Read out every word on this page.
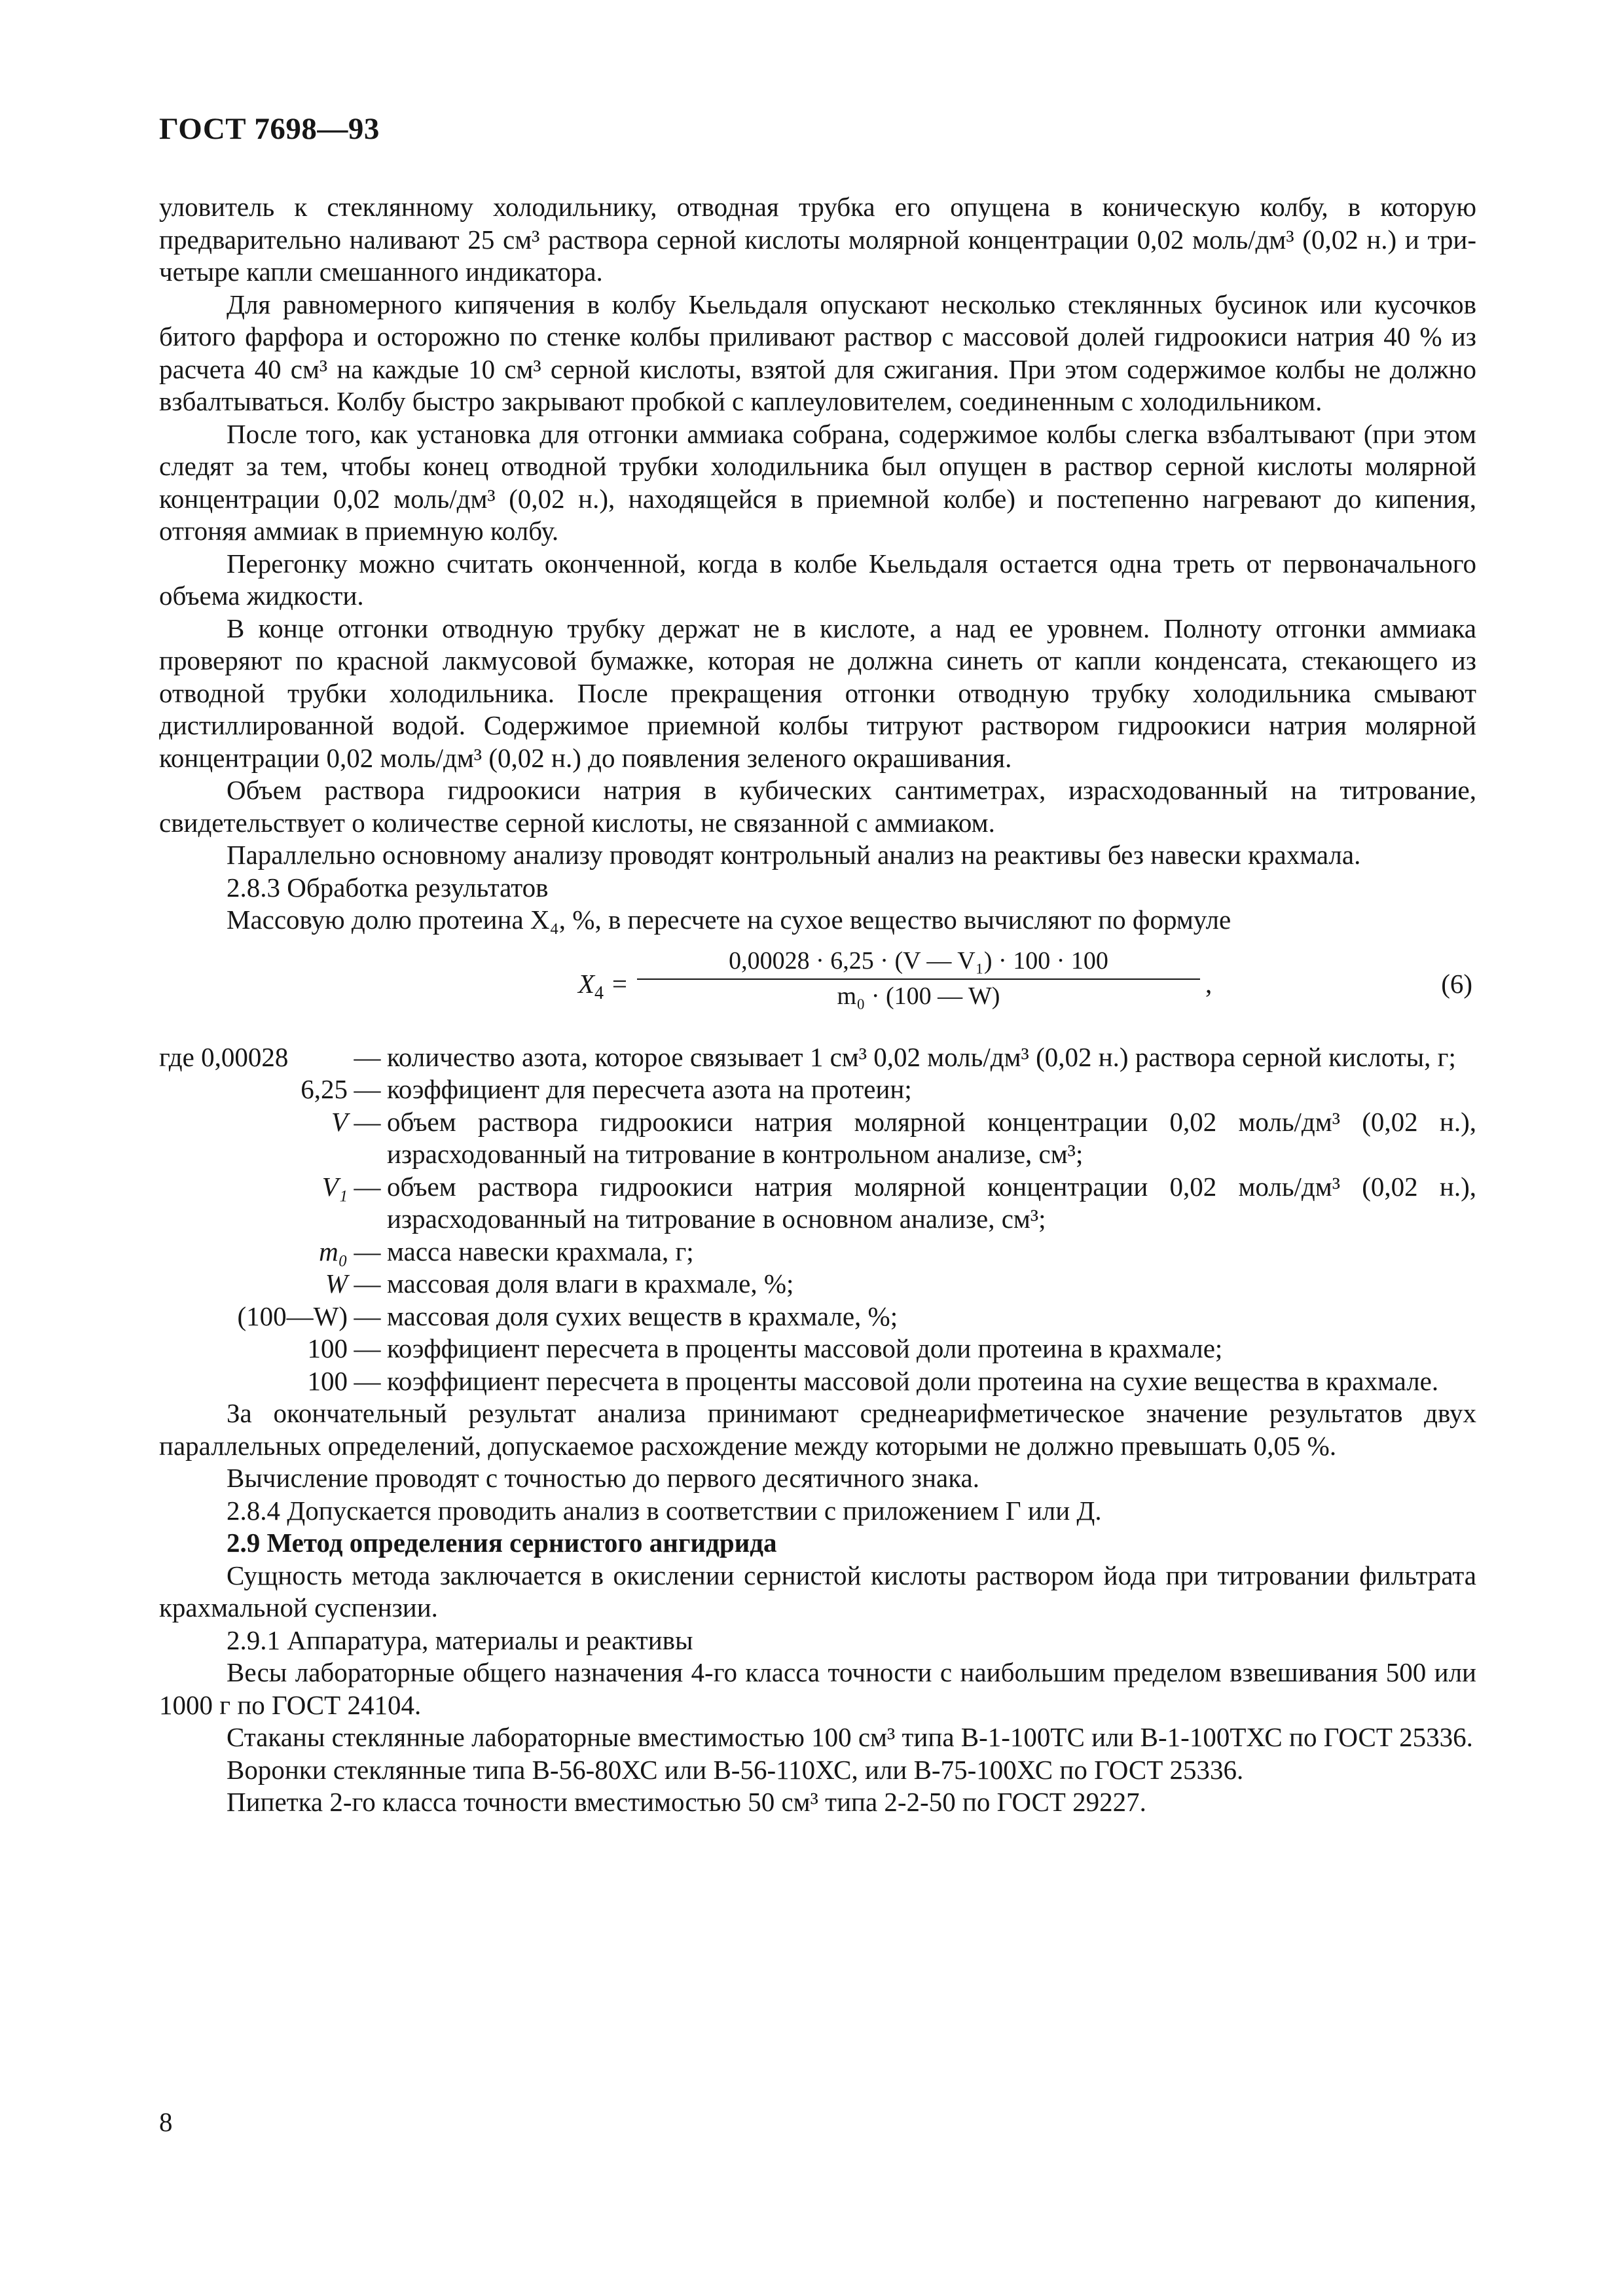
ГОСТ 7698—93

уловитель к стеклянному холодильнику, отводная трубка его опущена в коническую колбу, в которую предварительно наливают 25 см³ раствора серной кислоты молярной концентрации 0,02 моль/дм³ (0,02 н.) и три-четыре капли смешанного индикатора.

Для равномерного кипячения в колбу Кьельдаля опускают несколько стеклянных бусинок или кусочков битого фарфора и осторожно по стенке колбы приливают раствор с массовой долей гидроокиси натрия 40 % из расчета 40 см³ на каждые 10 см³ серной кислоты, взятой для сжигания. При этом содержимое колбы не должно взбалтываться. Колбу быстро закрывают пробкой с каплеуловителем, соединенным с холодильником.

После того, как установка для отгонки аммиака собрана, содержимое колбы слегка взбалтывают (при этом следят за тем, чтобы конец отводной трубки холодильника был опущен в раствор серной кислоты молярной концентрации 0,02 моль/дм³ (0,02 н.), находящейся в приемной колбе) и постепенно нагревают до кипения, отгоняя аммиак в приемную колбу.

Перегонку можно считать оконченной, когда в колбе Кьельдаля остается одна треть от первоначального объема жидкости.

В конце отгонки отводную трубку держат не в кислоте, а над ее уровнем. Полноту отгонки аммиака проверяют по красной лакмусовой бумажке, которая не должна синеть от капли конденсата, стекающего из отводной трубки холодильника. После прекращения отгонки отводную трубку холодильника смывают дистиллированной водой. Содержимое приемной колбы титруют раствором гидроокиси натрия молярной концентрации 0,02 моль/дм³ (0,02 н.) до появления зеленого окрашивания.

Объем раствора гидроокиси натрия в кубических сантиметрах, израсходованный на титрование, свидетельствует о количестве серной кислоты, не связанной с аммиаком.

Параллельно основному анализу проводят контрольный анализ на реактивы без навески крахмала.

2.8.3 Обработка результатов

Массовую долю протеина X₄, %, в пересчете на сухое вещество вычисляют по формуле

$X_4 = \frac{\text{0,00028 · 6,25 · (V — V₁) · 100 · 100}}{\text{m₀ · (100 — W)}}$ ,	(6)
где 0,00028	— количество азота, которое связывает 1 см³ 0,02 моль/дм³ (0,02 н.) раствора серной кислоты, г;
6,25 — коэффициент для пересчета азота на протеин;
V — объем раствора гидроокиси натрия молярной концентрации 0,02 моль/дм³ (0,02 н.), израсходованный на титрование в контрольном анализе, см³;
V₁ — объем раствора гидроокиси натрия молярной концентрации 0,02 моль/дм³ (0,02 н.), израсходованный на титрование в основном анализе, см³;
m₀ — масса навески крахмала, г;
W — массовая доля влаги в крахмале, %;
(100—W) — массовая доля сухих веществ в крахмале, %;
100 — коэффициент пересчета в проценты массовой доли протеина в крахмале;
100 — коэффициент пересчета в проценты массовой доли протеина на сухие вещества в крахмале.

За окончательный результат анализа принимают среднеарифметическое значение результатов двух параллельных определений, допускаемое расхождение между которыми не должно превышать 0,05 %.

Вычисление проводят с точностью до первого десятичного знака.

2.8.4 Допускается проводить анализ в соответствии с приложением Г или Д.

2.9 Метод определения сернистого ангидрида

Сущность метода заключается в окислении сернистой кислоты раствором йода при титровании фильтрата крахмальной суспензии.

2.9.1 Аппаратура, материалы и реактивы

Весы лабораторные общего назначения 4-го класса точности с наибольшим пределом взвешивания 500 или 1000 г по ГОСТ 24104.

Стаканы стеклянные лабораторные вместимостью 100 см³ типа В-1-100ТС или В-1-100ТХС по ГОСТ 25336.

Воронки стеклянные типа В-56-80ХС или В-56-110ХС, или В-75-100ХС по ГОСТ 25336.

Пипетка 2-го класса точности вместимостью 50 см³ типа 2-2-50 по ГОСТ 29227.

8
